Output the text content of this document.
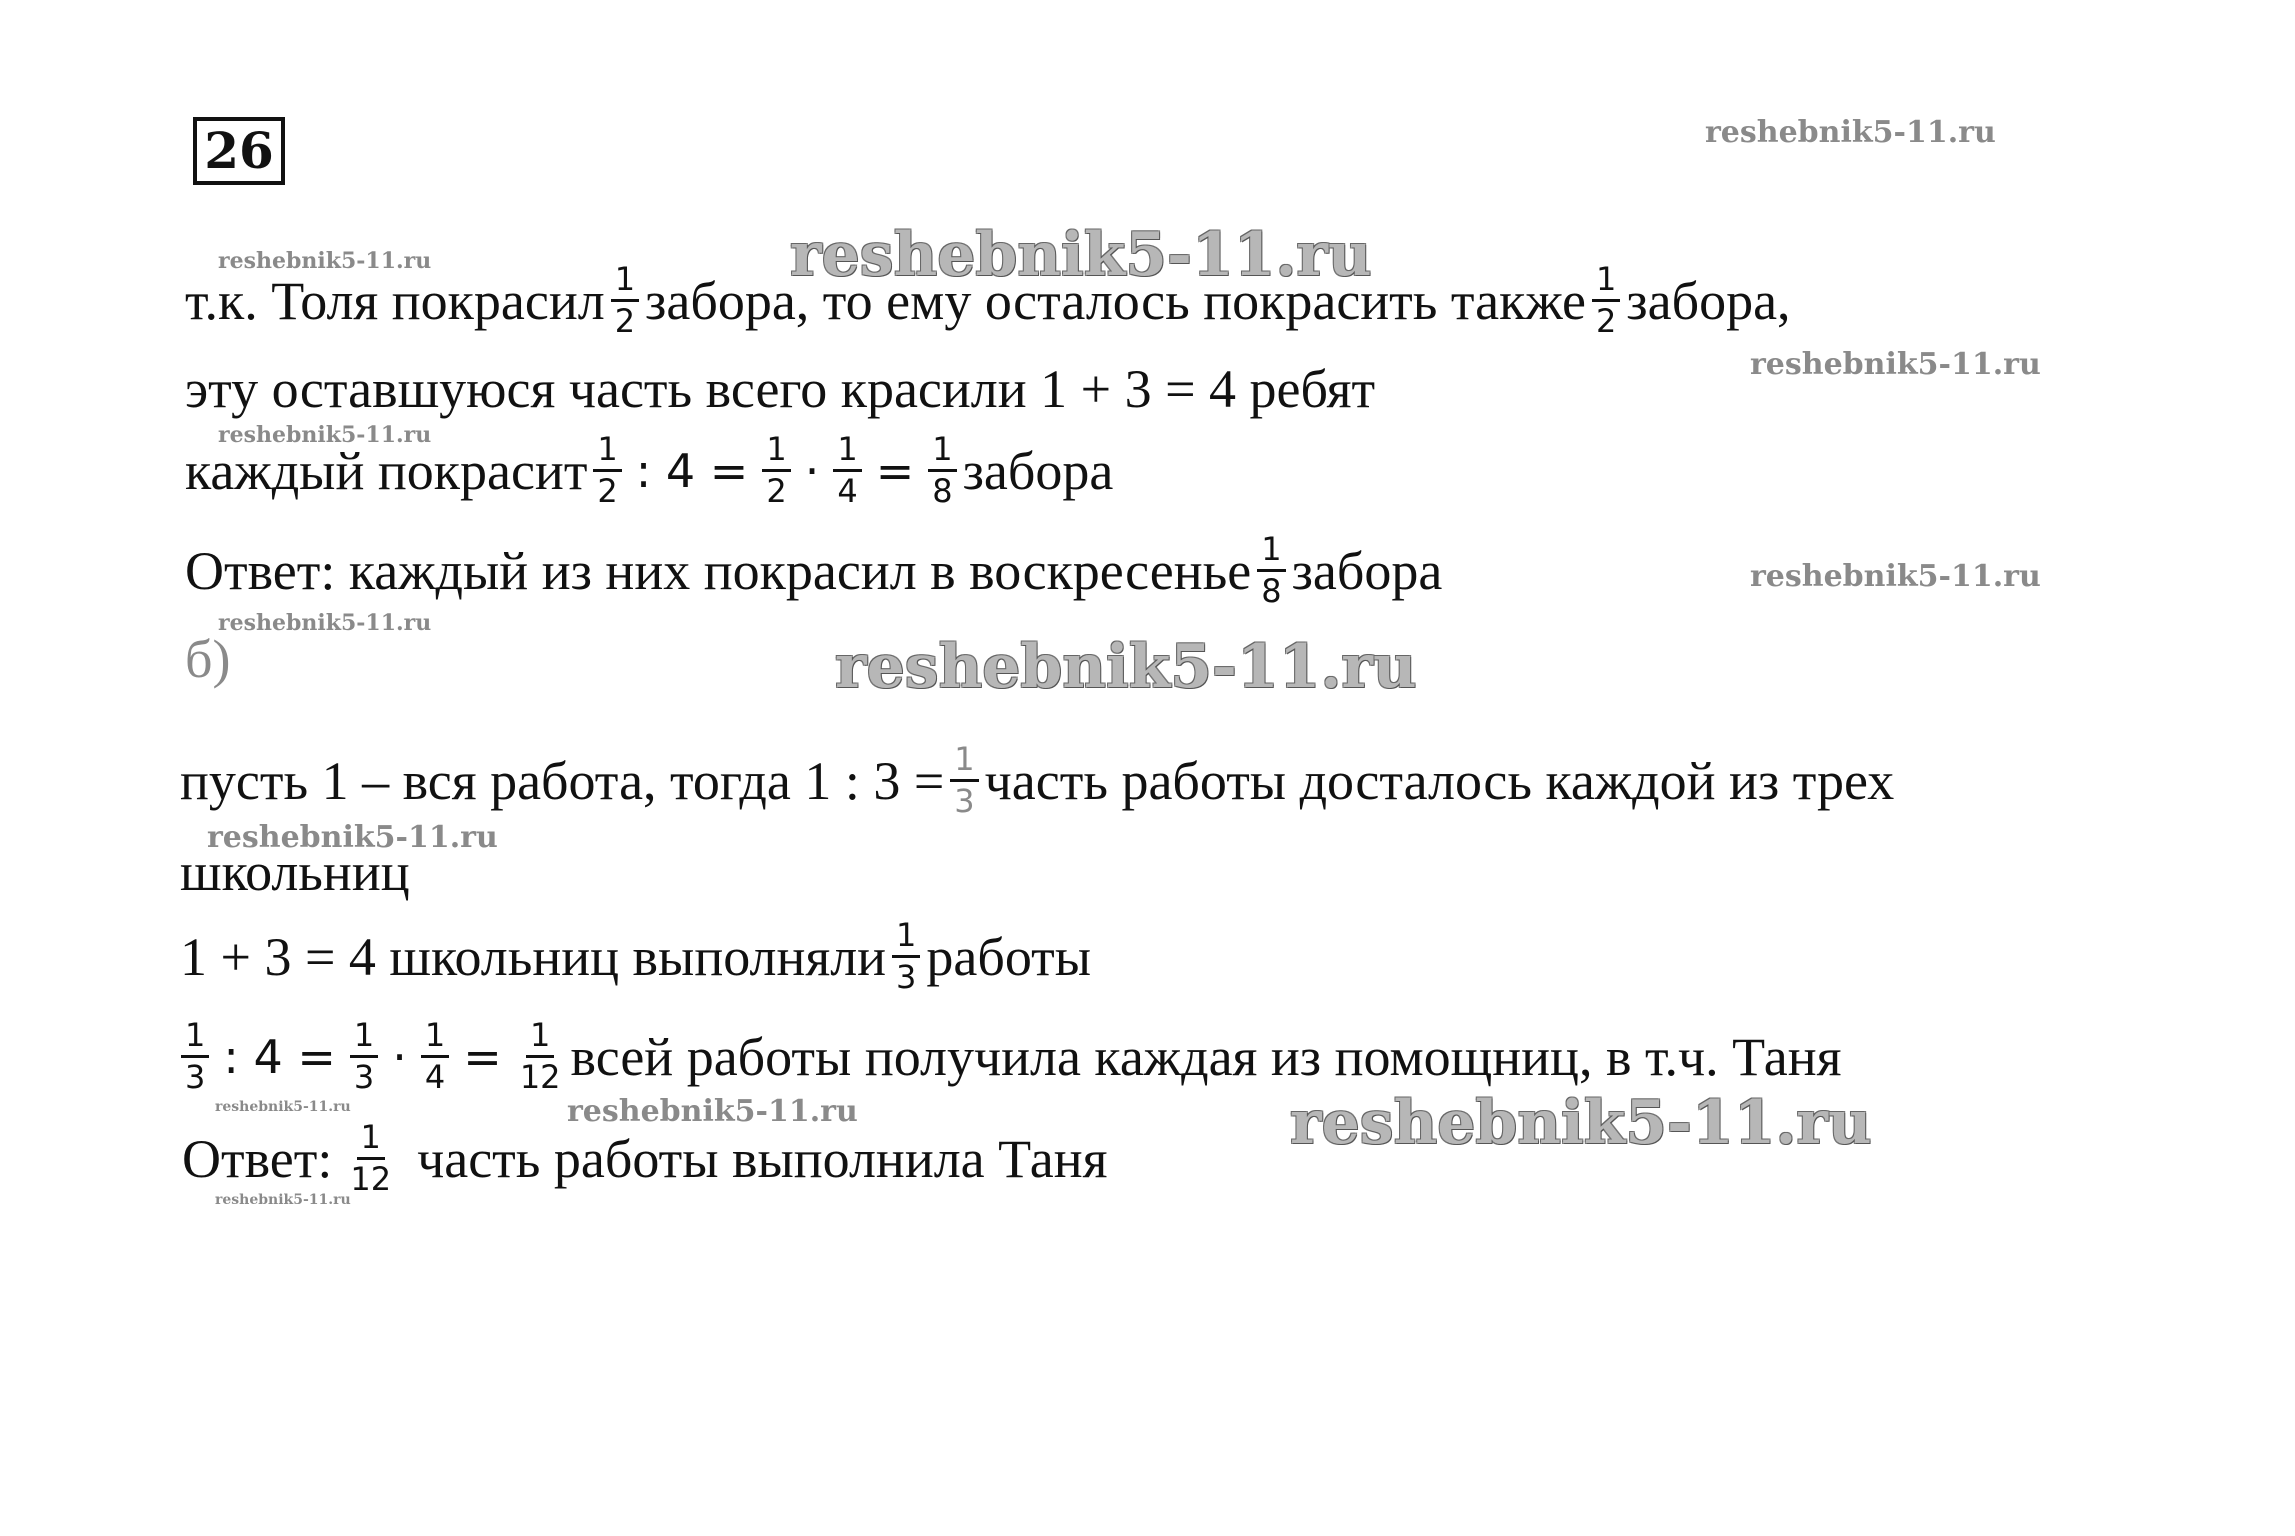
26	reshebnik5-11.ru
reshebnik5-11.ru	reshebnik5-11.ru
reshebnik5-11.ru
reshebnik5-11.ru
reshebnik5-11.ru
reshebnik5-11.ru
reshebnik5-11.ru
reshebnik5-11.ru
reshebnik5-11.ru	reshebnik5-11.ru	reshebnik5-11.ru
reshebnik5-11.ru
т.к. Толя покрасил $\frac{1}{2}$ забора, то ему осталось покрасить также $\frac{1}{2}$ забора,
эту оставшуюся часть всего красили 1 + 3 = 4 ребят
каждый покрасит $\frac{1}{2}$ : $4 = \frac{1}{2} \cdot \frac{1}{4} = \frac{1}{8}$ забора
Ответ: каждый из них покрасил в воскресенье $\frac{1}{8}$ забора
б)
пусть 1 – вся работа, тогда 1 : $3 = \frac{1}{3}$ часть работы досталось каждой из трех
школьниц
1 + 3 = 4 школьниц выполняли $\frac{1}{3}$ работы
$\frac{1}{3}$ : $4 = \frac{1}{3} \cdot \frac{1}{4} = \frac{1}{12}$ всей работы получила каждая из помощниц, в т.ч. Таня
Ответ: $\frac{1}{12}$ часть работы выполнила Таня
